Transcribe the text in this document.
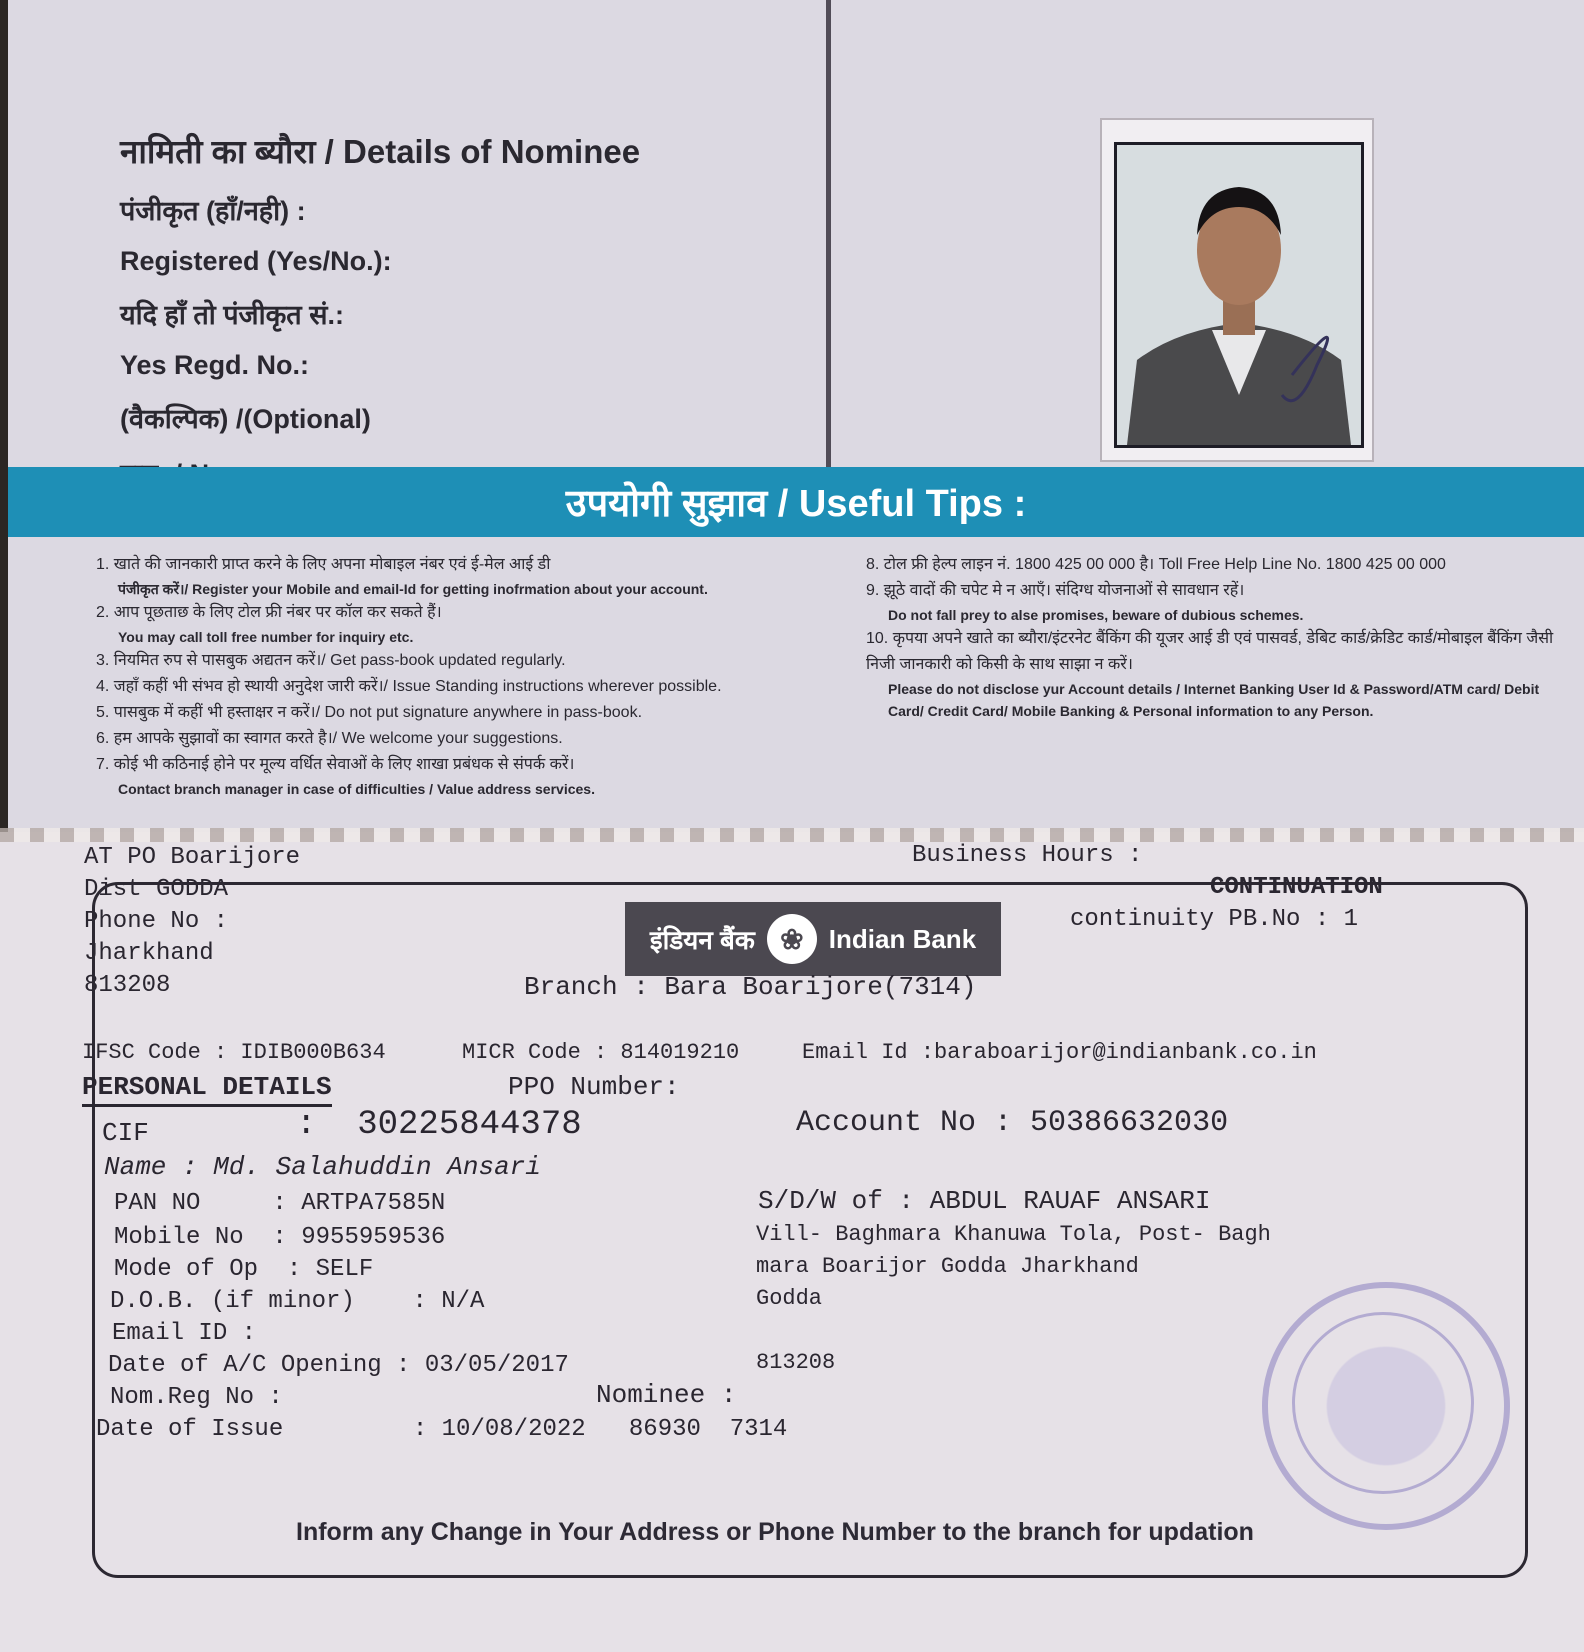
नामिती का ब्यौरा / Details of Nominee
पंजीकृत (हाँ/नही) :
Registered (Yes/No.):
यदि हाँ तो पंजीकृत सं.:
Yes Regd. No.:
(वैकल्पिक) /(Optional)
उपयोगी सुझाव / Useful Tips :
1. खाते की जानकारी प्राप्त करने के लिए अपना मोबाइल नंबर एवं ई-मेल आई डी
पंजीकृत करें।/ Register your Mobile and email-Id for getting inofrmation about your account.
2. आप पूछताछ के लिए टोल फ्री नंबर पर कॉल कर सकते हैं।
You may call toll free number for inquiry etc.
3. नियमित रुप से पासबुक अद्यतन करें।/ Get pass-book updated regularly.
4. जहाँ कहीं भी संभव हो स्थायी अनुदेश जारी करें।/ Issue Standing instructions wherever possible.
5. पासबुक में कहीं भी हस्ताक्षर न करें।/ Do not put signature anywhere in pass-book.
6. हम आपके सुझावों का स्वागत करते है।/ We welcome your suggestions.
7. कोई भी कठिनाई होने पर मूल्य वर्धित सेवाओं के लिए शाखा प्रबंधक से संपर्क करें।
Contact branch manager in case of difficulties / Value address services.
8. टोल फ्री हेल्प लाइन नं. 1800 425 00 000 है। Toll Free Help Line No. 1800 425 00 000
9. झूठे वादों की चपेट मे न आएँ। संदिग्ध योजनाओं से सावधान रहें।
Do not fall prey to alse promises, beware of dubious schemes.
10. कृपया अपने खाते का ब्यौरा/इंटरनेट बैंकिंग की यूजर आई डी एवं पासवर्ड, डेबिट कार्ड/क्रेडिट कार्ड/मोबाइल बैंकिंग जैसी निजी जानकारी को किसी के साथ साझा न करें।
Please do not disclose yur Account details / Internet Banking User Id & Password/ATM card/ Debit Card/ Credit Card/ Mobile Banking & Personal information to any Person.
AT PO Boarijore
Dist GODDA
Phone No :
Jharkhand
813208
Business Hours :
CONTINUATION
continuity PB.No : 1
इंडियन बैंक ❀ Indian Bank
Branch : Bara Boarijore(7314)
IFSC Code : IDIB000B634	MICR Code : 814019210	Email Id :baraboarijor@indianbank.co.in
PERSONAL DETAILS	PPO Number:
CIF	:  30225844378	Account No : 50386632030
Name : Md. Salahuddin Ansari
PAN NO     : ARTPA7585N	S/D/W of : ABDUL RAUAF ANSARI
Mobile No  : 9955959536	Vill- Baghmara Khanuwa Tola, Post- Bagh
Mode of Op  : SELF	mara Boarijor Godda Jharkhand
D.O.B. (if minor)    : N/A	Godda
Email ID :
Date of A/C Opening : 03/05/2017	813208
Nom.Reg No :	Nominee :
Date of Issue         : 10/08/2022   86930  7314
Inform any Change in Your Address or Phone Number to the branch for updation
